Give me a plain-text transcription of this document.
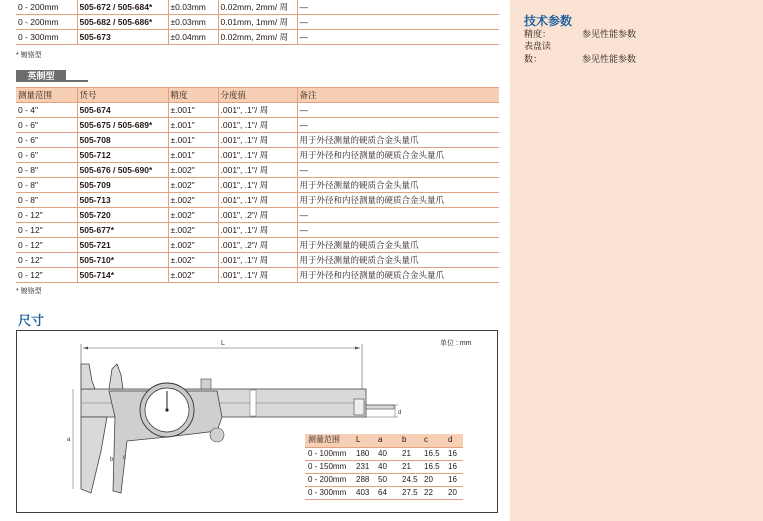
0 - 200mm	505-672 / 505-684*	±0.03mm	0.02mm, 2mm/ 周	—
0 - 200mm	505-682 / 505-686*	±0.03mm	0.01mm, 1mm/ 周	—
0 - 300mm	505-673	±0.04mm	0.02mm, 2mm/ 周	—
* 镀铬型
英制型
测量范围	货号	精度	分度值	备注
0 - 4"	505-674	±.001"	.001", .1"/ 周	—
0 - 6"	505-675 / 505-689*	±.001"	.001", .1"/ 周	—
0 - 6"	505-708	±.001"	.001", .1"/ 周	用于外径测量的硬质合金头量爪
0 - 6"	505-712	±.001"	.001", .1"/ 周	用于外径和内径测量的硬质合金头量爪
0 - 8"	505-676 / 505-690*	±.002"	.001", .1"/ 周	—
0 - 8"	505-709	±.002"	.001", .1"/ 周	用于外径测量的硬质合金头量爪
0 - 8"	505-713	±.002"	.001", .1"/ 周	用于外径和内径测量的硬质合金头量爪
0 - 12"	505-720	±.002"	.001", .2"/ 周	—
0 - 12"	505-677*	±.002"	.001", .1"/ 周	—
0 - 12"	505-721	±.002"	.001", .2"/ 周	用于外径测量的硬质合金头量爪
0 - 12"	505-710*	±.002"	.001", .1"/ 周	用于外径测量的硬质合金头量爪
0 - 12"	505-714*	±.002"	.001", .1"/ 周	用于外径和内径测量的硬质合金头量爪
* 镀铬型
尺寸
L
d
a
b c
单位 : mm
测量范围	L	a	b	c	d
0 - 100mm	180	40	21	16.5	16
0 - 150mm	231	40	21	16.5	16
0 - 200mm	288	50	24.5	20	16
0 - 300mm	403	64	27.5	22	20
技术参数
精度：	参见性能参数
表盘读数：	参见性能参数
